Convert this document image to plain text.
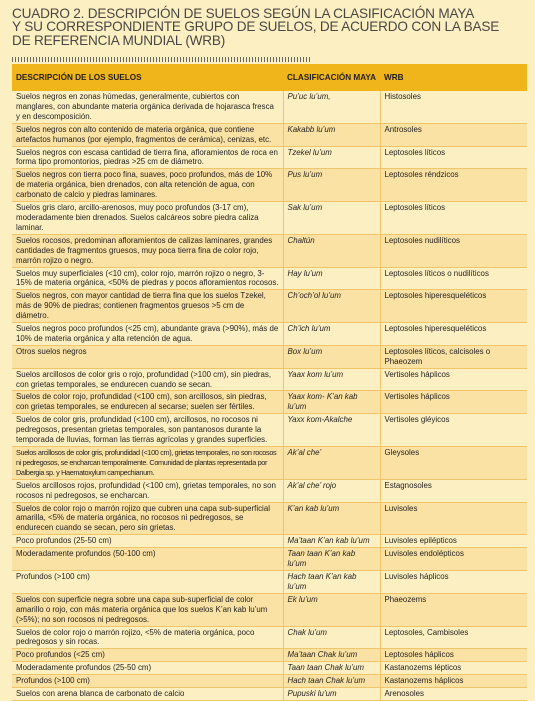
CUADRO 2. DESCRIPCIÓN DE SUELOS SEGÚN LA CLASIFICACIÓN MAYA
Y SU CORRESPONDIENTE GRUPO DE SUELOS, DE ACUERDO CON LA BASE
DE REFERENCIA MUNDIAL (WRB)
DESCRIPCIÓN DE LOS SUELOS	CLASIFICACIÓN MAYA	WRB
Suelos negros en zonas húmedas, generalmente, cubiertos con manglares, con abundante materia orgánica derivada de hojarasca fresca y en descomposición.	Pu’uc lu’um,	Histosoles
Suelos negros con alto contenido de materia orgánica, que contiene artefactos humanos (por ejemplo, fragmentos de cerámica), cenizas, etc.	Kakabb lu’um	Antrosoles
Suelos negros con escasa cantidad de tierra fina, afloramientos de roca en forma tipo promontorios, piedras >25 cm de diámetro.	Tzekel lu’um	Leptosoles líticos
Suelos negros con tierra poco fina, suaves, poco profundos, más de 10% de materia orgánica, bien drenados, con alta retención de agua, con carbonato de calcio y piedras laminares.	Pus lu’um	Leptosoles réndzicos
Suelos gris claro, arcillo-arenosos, muy poco profundos (3-17 cm), moderadamente bien drenados. Suelos calcáreos sobre piedra caliza laminar.	Sak lu’um	Leptosoles líticos
Suelos rocosos, predominan afloramientos de calizas laminares, grandes cantidades de fragmentos gruesos, muy poca tierra fina de color rojo, marrón rojizo o negro.	Chaltún	Leptosoles nudilíticos
Suelos muy superficiales (<10 cm), color rojo, marrón rojizo o negro, 3-15% de materia orgánica, <50% de piedras y pocos afloramientos rocosos.	Hay lu’um	Leptosoles líticos o nudilíticos
Suelos negros, con mayor cantidad de tierra fina que los suelos Tzekel, más de 90% de piedras; contienen fragmentos gruesos >5 cm de diámetro.	Ch’och’ol lu’um	Leptosoles hiperesqueléticos
Suelos negros poco profundos (<25 cm), abundante grava (>90%), más de 10% de materia orgánica y alta retención de agua.	Ch’ich lu’um	Leptosoles hiperesqueléticos
Otros suelos negros	Box lu’um	Leptosoles líticos, calcisoles o Phaeozem
Suelos arcillosos de color gris o rojo, profundidad (>100 cm), sin piedras, con grietas temporales, se endurecen cuando se secan.	Yaax kom lu’um	Vertisoles háplicos
Suelos de color rojo, profundidad (<100 cm), son arcillosos, sin piedras, con grietas temporales, se endurecen al secarse; suelen ser fértiles.	Yaax kom- K’an kab lu’um	Vertisoles háplicos
Suelos de color gris, profundidad (<100 cm), arcillosos, no rocosos ni pedregosos, presentan grietas temporales, son pantanosos durante la temporada de lluvias, forman las tierras agrícolas y grandes superficies.	Yaxx kom-Akalche	Vertisoles gléyicos
Suelos arcillosos de color gris, profundidad (<100 cm), grietas temporales, no son rocosos ni pedregosos, se encharcan temporalmente. Comunidad de plantas representada por Dalbergia sp. y Haematoxylum campechianum.	Ak’al che’	Gleysoles
Suelos arcillosos rojos, profundidad (<100 cm), grietas temporales, no son rocosos ni pedregosos, se encharcan.	Ak’al che’ rojo	Estagnosoles
Suelos de color rojo o marrón rojizo que cubren una capa sub-superficial amarilla, <5% de materia orgánica, no rocosos ni pedregosos, se endurecen cuando se secan, pero sin grietas.	K’an kab lu’um	Luvisoles
Poco profundos (25-50 cm)	Ma’taan K’an kab lu’um	Luvisoles epilépticos
Moderadamente profundos (50-100 cm)	Taan taan K’an kab lu’um	Luvisoles endolépticos
Profundos (>100 cm)	Hach taan K’an kab lu’um	Luvisoles háplicos
Suelos con superficie negra sobre una capa sub-superficial de color amarillo o rojo, con más materia orgánica que los suelos K’an kab lu’um (>5%); no son rocosos ni pedregosos.	Ek lu’um	Phaeozems
Suelos de color rojo o marrón rojizo, <5% de materia orgánica, poco pedregosos y sin rocas.	Chak lu’um	Leptosoles, Cambisoles
Poco profundos (<25 cm)	Ma’taan Chak lu’um	Leptosoles háplicos
Moderadamente profundos (25-50 cm)	Taan taan Chak lu’um	Kastanozems lépticos
Profundos (>100 cm)	Hach taan Chak lu’um	Kastanozems háplicos
Suelos con arena blanca de carbonato de calcio	Pupuski lu’um	Arenosoles
